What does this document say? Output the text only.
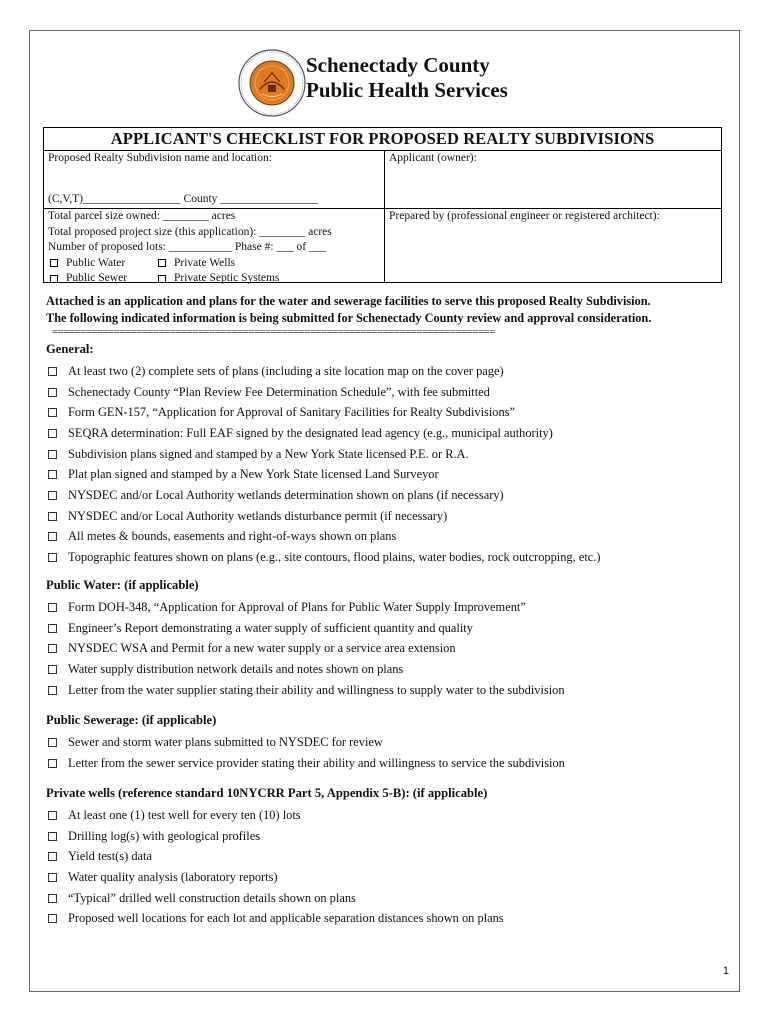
Schenectady County
Public Health Services
APPLICANT'S CHECKLIST FOR PROPOSED REALTY SUBDIVISIONS
Proposed Realty Subdivision name and location:
(C,V,T)_________________ County _________________
Applicant (owner):
Total parcel size owned: ________ acres
Total proposed project size (this application): ________ acres
Number of proposed lots: ___________ Phase #: ___ of ___
Public Water	Private Wells
Public Sewer	Private Septic Systems
Prepared by (professional engineer or registered architect):
Attached is an application and plans for the water and sewerage facilities to serve this proposed Realty Subdivision.
The following indicated information is being submitted for Schenectady County review and approval consideration.
===============================================================================
General:
At least two (2) complete sets of plans (including a site location map on the cover page)
Schenectady County “Plan Review Fee Determination Schedule”, with fee submitted
Form GEN-157, “Application for Approval of Sanitary Facilities for Realty Subdivisions”
SEQRA determination: Full EAF signed by the designated lead agency (e.g., municipal authority)
Subdivision plans signed and stamped by a New York State licensed P.E. or R.A.
Plat plan signed and stamped by a New York State licensed Land Surveyor
NYSDEC and/or Local Authority wetlands determination shown on plans (if necessary)
NYSDEC and/or Local Authority wetlands disturbance permit (if necessary)
All metes & bounds, easements and right-of-ways shown on plans
Topographic features shown on plans (e.g., site contours, flood plains, water bodies, rock outcropping, etc.)
Public Water: (if applicable)
Form DOH-348, “Application for Approval of Plans for Public Water Supply Improvement”
Engineer’s Report demonstrating a water supply of sufficient quantity and quality
NYSDEC WSA and Permit for a new water supply or a service area extension
Water supply distribution network details and notes shown on plans
Letter from the water supplier stating their ability and willingness to supply water to the subdivision
Public Sewerage: (if applicable)
Sewer and storm water plans submitted to NYSDEC for review
Letter from the sewer service provider stating their ability and willingness to service the subdivision
Private wells (reference standard 10NYCRR Part 5, Appendix 5-B): (if applicable)
At least one (1) test well for every ten (10) lots
Drilling log(s) with geological profiles
Yield test(s) data
Water quality analysis (laboratory reports)
“Typical” drilled well construction details shown on plans
Proposed well locations for each lot and applicable separation distances shown on plans
1
